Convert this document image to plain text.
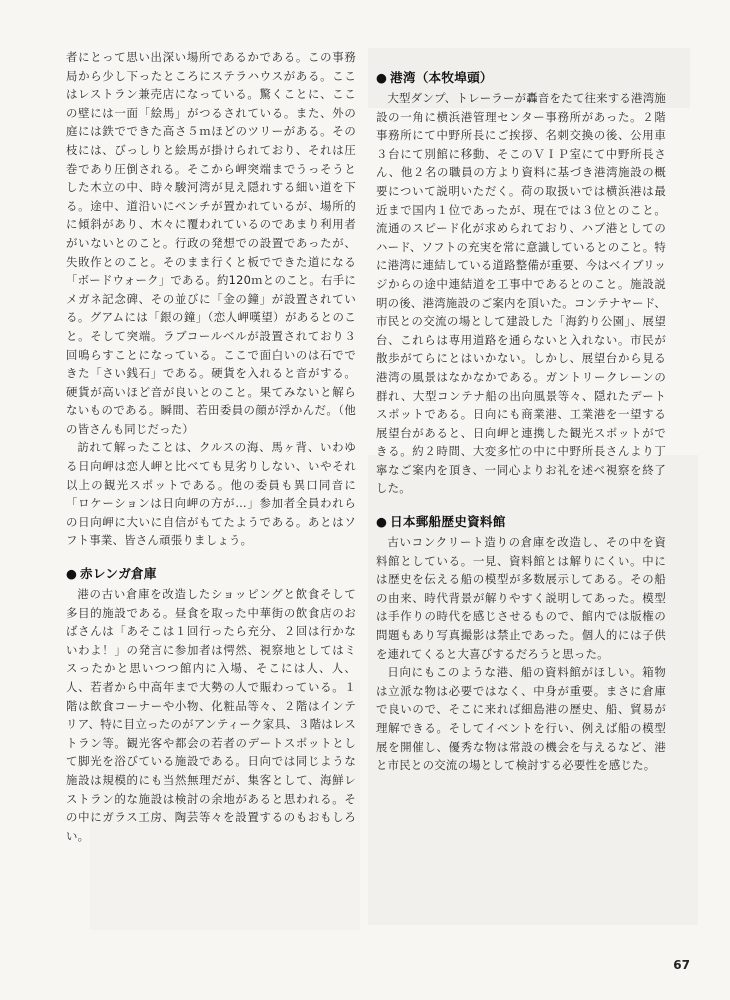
者にとって思い出深い場所であるかである。この事務局から少し下ったところにステラハウスがある。ここはレストラン兼売店になっている。驚くことに、ここの壁には一面「絵馬」がつるされている。また、外の庭には鉄でできた高さ５ｍほどのツリーがある。その枝には、びっしりと絵馬が掛けられており、それは圧巻であり圧倒される。そこから岬突端までうっそうとした木立の中、時々駿河湾が見え隠れする細い道を下る。途中、道沿いにベンチが置かれているが、場所的に傾斜があり、木々に覆われているのであまり利用者がいないとのこと。行政の発想での設置であったが、失敗作とのこと。そのまま行くと板でできた道になる「ボードウォーク」である。約120ｍとのこと。右手にメガネ記念碑、その並びに「金の鐘」が設置されている。グアムには「銀の鐘」（恋人岬嘆望）があるとのこと。そして突端。ラブコールベルが設置されており３回鳴らすことになっている。ここで面白いのは石でできた「さい銭石」である。硬貨を入れると音がする。硬貨が高いほど音が良いとのこと。果てみないと解らないものである。瞬間、若田委員の顔が浮かんだ。（他の皆さんも同じだった）

訪れて解ったことは、クルスの海、馬ヶ背、いわゆる日向岬は恋人岬と比べても見劣りしない、いやそれ以上の観光スポットである。他の委員も異口同音に「ロケーションは日向岬の方が…」参加者全員われらの日向岬に大いに自信がもてたようである。あとはソフト事業、皆さん頑張りましょう。

● 赤レンガ倉庫

港の古い倉庫を改造したショッピングと飲食そして多目的施設である。昼食を取った中華街の飲食店のおばさんは「あそこは１回行ったら充分、２回は行かないわよ！」の発言に参加者は愕然、視察地としてはミスったかと思いつつ館内に入場、そこには人、人、人、若者から中高年まで大勢の人で賑わっている。１階は飲食コーナーや小物、化粧品等々、２階はインテリア、特に目立ったのがアンティーク家具、３階はレストラン等。観光客や都会の若者のデートスポットとして脚光を浴びている施設である。日向では同じような施設は規模的にも当然無理だが、集客として、海鮮レストラン的な施設は検討の余地があると思われる。その中にガラス工房、陶芸等々を設置するのもおもしろい。

● 港湾（本牧埠頭）

大型ダンプ、トレーラーが轟音をたて往来する港湾施設の一角に横浜港管理センター事務所があった。２階事務所にて中野所長にご挨拶、名刺交換の後、公用車３台にて別館に移動、そこのＶＩＰ室にて中野所長さん、他２名の職員の方より資料に基づき港湾施設の概要について説明いただく。荷の取扱いでは横浜港は最近まで国内１位であったが、現在では３位とのこと。流通のスピード化が求められており、ハブ港としてのハード、ソフトの充実を常に意識しているとのこと。特に港湾に連結している道路整備が重要、今はベイブリッジからの途中連結道を工事中であるとのこと。施設説明の後、港湾施設のご案内を頂いた。コンテナヤード、市民との交流の場として建設した「海釣り公園」、展望台、これらは専用道路を通らないと入れない。市民が散歩がてらにとはいかない。しかし、展望台から見る港湾の風景はなかなかである。ガントリークレーンの群れ、大型コンテナ船の出向風景等々、隠れたデートスポットである。日向にも商業港、工業港を一望する展望台があると、日向岬と連携した観光スポットができる。約２時間、大変多忙の中に中野所長さんより丁寧なご案内を頂き、一同心よりお礼を述べ視察を終了した。

● 日本郵船歴史資料館

古いコンクリート造りの倉庫を改造し、その中を資料館としている。一見、資料館とは解りにくい。中には歴史を伝える船の模型が多数展示してある。その船の由来、時代背景が解りやすく説明してあった。模型は手作りの時代を感じさせるもので、館内では版権の問題もあり写真撮影は禁止であった。個人的には子供を連れてくると大喜びするだろうと思った。

日向にもこのような港、船の資料館がほしい。箱物は立派な物は必要ではなく、中身が重要。まさに倉庫で良いので、そこに来れば細島港の歴史、船、貿易が理解できる。そしてイベントを行い、例えば船の模型展を開催し、優秀な物は常設の機会を与えるなど、港と市民との交流の場として検討する必要性を感じた。

67
